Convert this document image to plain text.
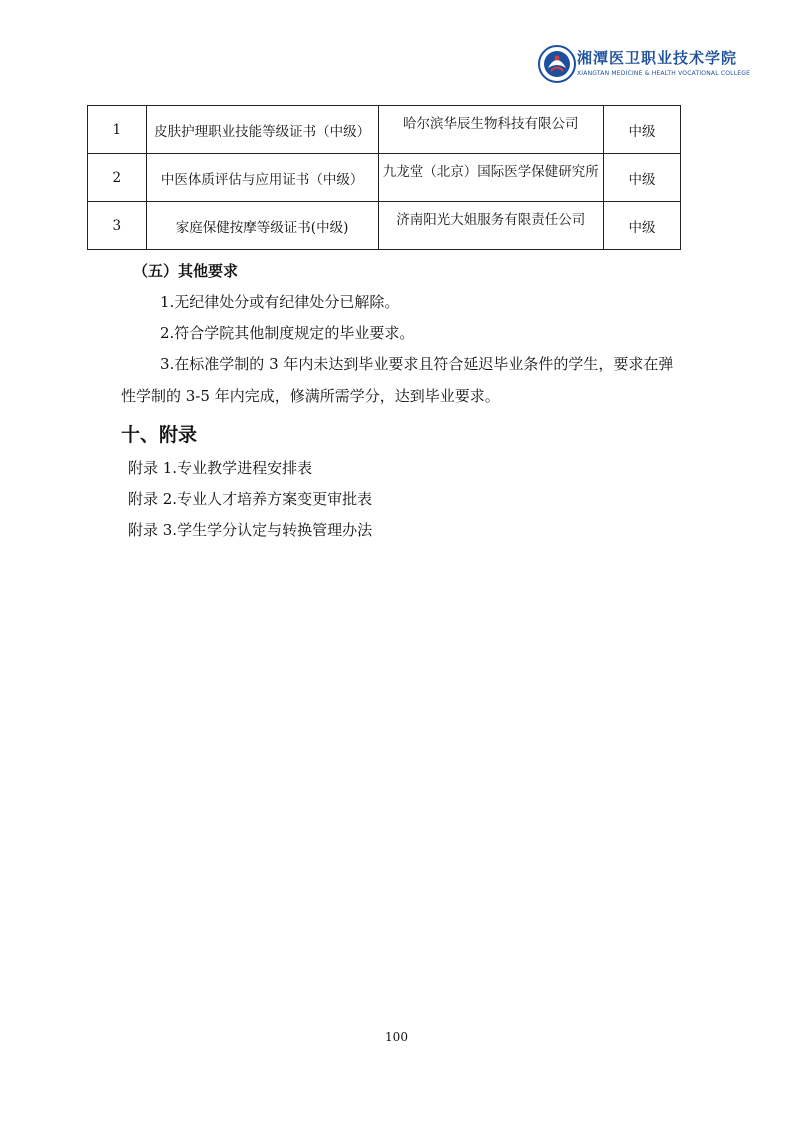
湘潭医卫职业技术学院
XIANGTAN MEDICINE & HEALTH VOCATIONAL COLLEGE
1	皮肤护理职业技能等级证书（中级）	哈尔滨华辰生物科技有限公司	中级
2	中医体质评估与应用证书（中级）	九龙堂（北京）国际医学保健研究所	中级
3	家庭保健按摩等级证书(中级)	济南阳光大姐服务有限责任公司	中级
（五）其他要求
1.无纪律处分或有纪律处分已解除。
2.符合学院其他制度规定的毕业要求。
3.在标准学制的 3 年内未达到毕业要求且符合延迟毕业条件的学生，要求在弹
性学制的 3-5 年内完成，修满所需学分，达到毕业要求。
十、附录
附录 1.专业教学进程安排表
附录 2.专业人才培养方案变更审批表
附录 3.学生学分认定与转换管理办法
100
